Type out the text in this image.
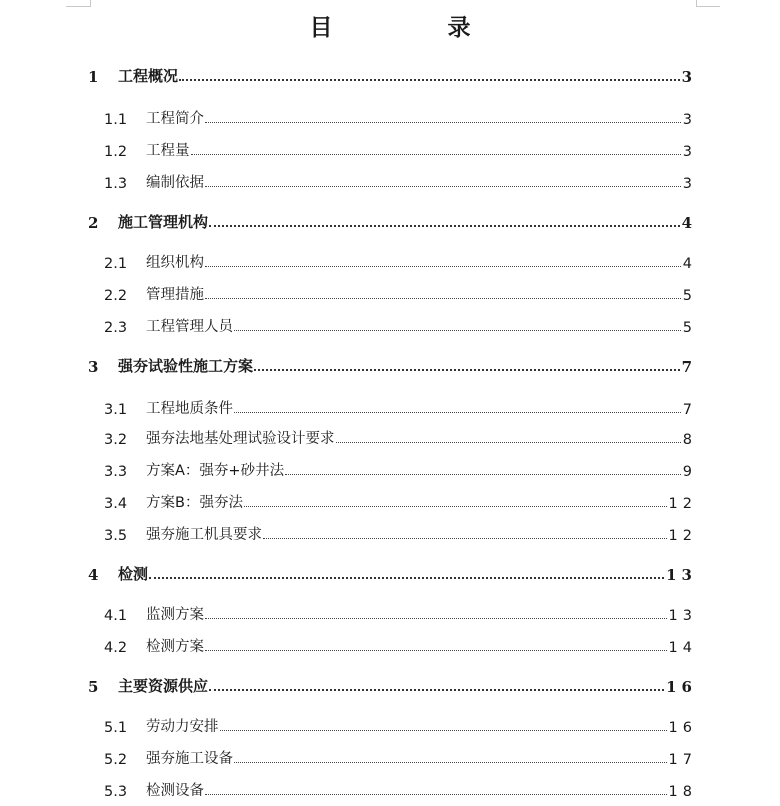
目　录
1	工程概况	3
1.1	工程简介	3
1.2	工程量	3
1.3	编制依据	3
2	施工管理机构	4
2.1	组织机构	4
2.2	管理措施	5
2.3	工程管理人员	5
3	强夯试验性施工方案	7
3.1	工程地质条件	7
3.2	强夯法地基处理试验设计要求	8
3.3	方案A：强夯+砂井法	9
3.4	方案B：强夯法	12
3.5	强夯施工机具要求	12
4	检测	13
4.1	监测方案	13
4.2	检测方案	14
5	主要资源供应	16
5.1	劳动力安排	16
5.2	强夯施工设备	17
5.3	检测设备	18
